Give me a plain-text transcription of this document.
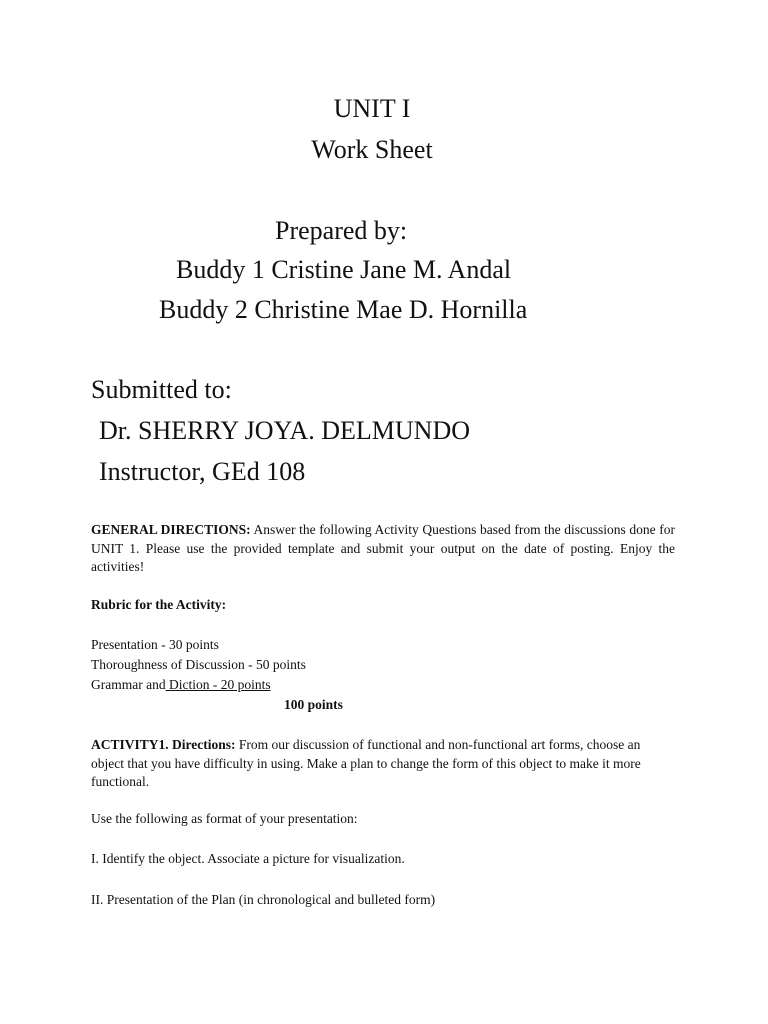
UNIT I
Work Sheet
Prepared by:
Buddy 1 Cristine Jane M. Andal
Buddy 2 Christine Mae D. Hornilla
Submitted to:
Dr. SHERRY JOYA. DELMUNDO
Instructor, GEd 108
GENERAL DIRECTIONS: Answer the following Activity Questions based from the discussions done for UNIT 1. Please use the provided template and submit your output on the date of posting. Enjoy the activities!
Rubric for the Activity:
Presentation - 30 points
Thoroughness of Discussion - 50 points
Grammar and Diction - 20 points
100 points
ACTIVITY1. Directions: From our discussion of functional and non-functional art forms, choose an object that you have difficulty in using. Make a plan to change the form of this object to make it more functional.
Use the following as format of your presentation:
I. Identify the object. Associate a picture for visualization.
II. Presentation of the Plan (in chronological and bulleted form)
